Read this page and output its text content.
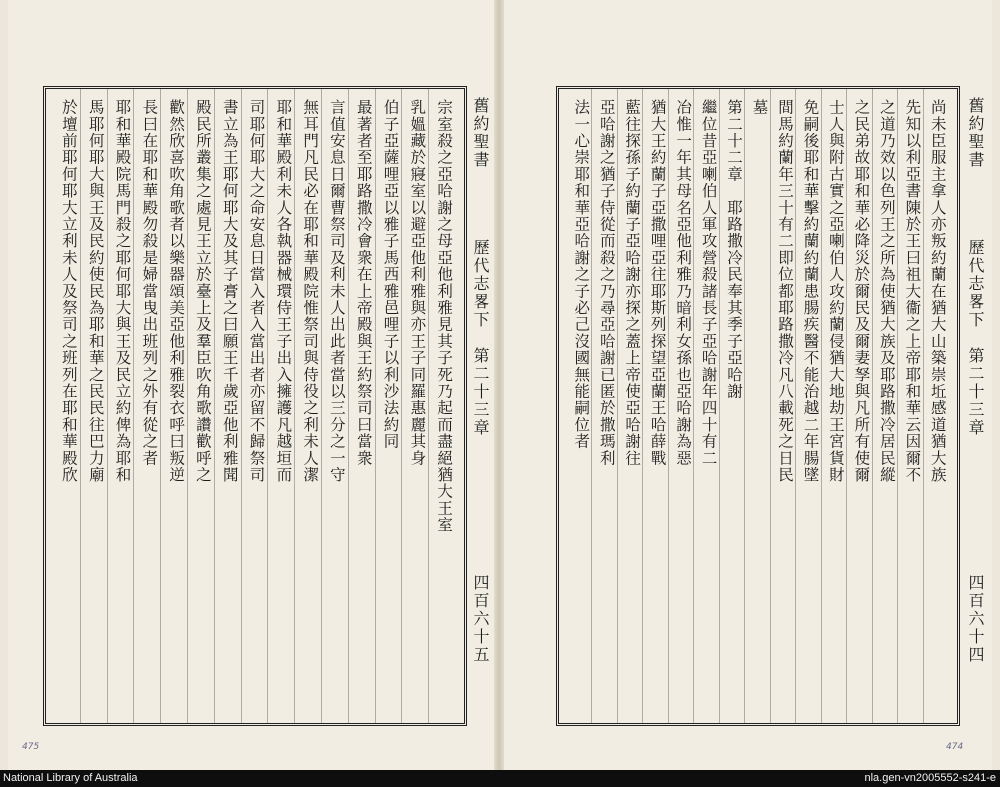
舊約聖書
歷代志畧下　第二十三章
四百六十五
宗室殺之亞哈謝之母亞他利雅見其子死乃起而盡絕猶大王室
乳媼藏於寢室以避亞他利雅與亦王子同羅惠麗其身
伯子亞薩哩亞以雅子馬西雅邑哩子以利沙法約同
最著者至耶路撒冷會衆在上帝殿與王約祭司曰當衆
言值安息日爾曹祭司及利未人出此者當以三分之一守
無耳門凡民必在耶和華殿院惟祭司與侍役之利未人潔
耶和華殿利未人各執器械環侍王子出入擁護凡越垣而
司耶何耶大之命安息日當入者入當出者亦留不歸祭司
書立為王耶何耶大及其子膏之曰願王千歲亞他利雅聞
殿民所叢集之處見王立於臺上及羣臣吹角歌讚歡呼之
歡然欣喜吹角歌者以樂器頌美亞他利雅裂衣呼曰叛逆
長曰在耶和華殿勿殺是婦當曳出班列之外有從之者
耶和華殿院馬門殺之耶何耶大與王及民立約俾為耶和
馬耶何耶大與王及民約使民為耶和華之民民往巴力廟
於壇前耶何耶大立利未人及祭司之班列在耶和華殿欣
475
舊約聖書
歷代志畧下　第二十三章
四百六十四
尚未臣服主拿人亦叛約蘭在猶大山築崇坵感道猶大族
先知以利亞書陳於王曰祖大衞之上帝耶和華云因爾不
之道乃效以色列王之所為使猶大族及耶路撒冷居民縱
之民弟故耶和華必降災於爾民及爾妻孥與凡所有使爾
士人與附古實之亞喇伯人攻約蘭侵猶大地劫王宮貨財
免嗣後耶和華擊約蘭約蘭患腸疾醫不能治越二年腸墜
間馬約蘭年三十有二即位都耶路撒冷凡八載死之日民
墓
第二十二章　耶路撒冷民奉其季子亞哈謝
繼位昔亞喇伯人軍攻營殺諸長子亞哈謝年四十有二
冶惟一年其母名亞他利雅乃暗利女孫也亞哈謝為惡
猶大王約蘭子亞撒哩亞往耶斯列探望亞蘭王哈薛戰
藍往探孫子約蘭子亞哈謝亦探之蓋上帝使亞哈謝往
亞哈謝之猶子侍從而殺之乃尋亞哈謝已匿於撒瑪利
法一心崇耶和華亞哈謝之子必己沒國無能嗣位者
474
National Library of Australia	nla.gen-vn2005552-s241-e
